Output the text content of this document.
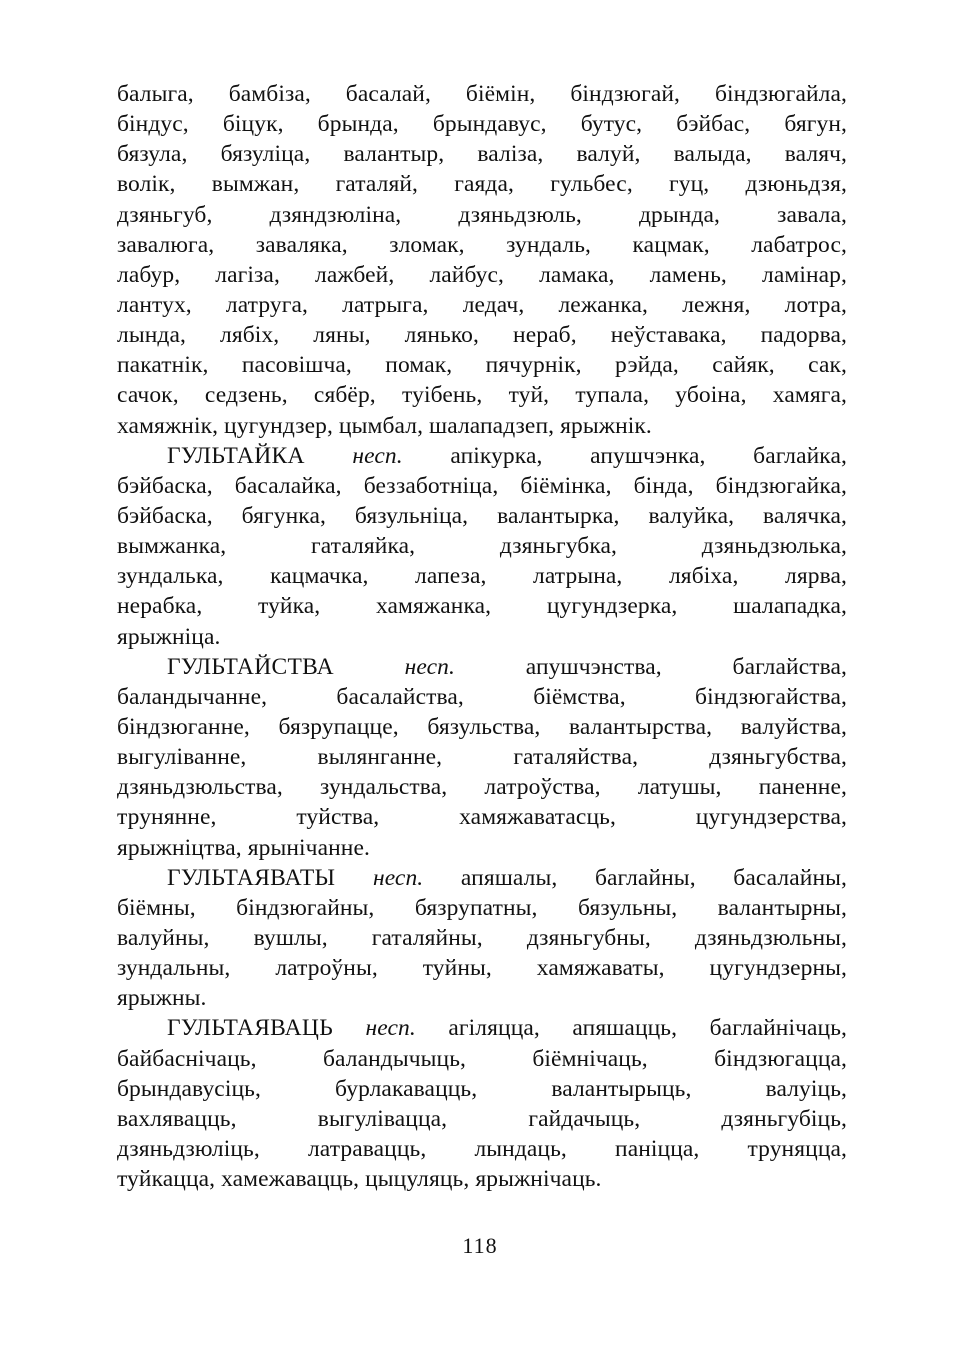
балыга, бамбіза, басалай, біёмін, біндзюгай, біндзюгайла,
біндус, біцук, брында, брындавус, бутус, бэйбас, бягун,
бязула, бязуліца, валантыр, валіза, валуй, валыда, валяч,
волік, вымжан, гаталяй, гаяда, гульбес, гуц, дзюньдзя,
дзяньгуб, дзяндзюліна, дзяньдзюль, дрында, завала,
завалюга, заваляка, зломак, зундаль, кацмак, лабатрос,
лабур, лагіза, лажбей, лайбус, ламака, ламень, ламінар,
лантух, латруга, латрыга, ледач, лежанка, лежня, лотра,
лында, лябіх, ляны, лянько, нераб, неўставака, падорва,
пакатнік, пасовішча, помак, пячурнік, рэйда, сайяк, сак,
сачок, седзень, сябёр, туібень, туй, тупала, убоіна, хамяга,
хамяжнік, цугундзер, цымбал, шалападзеп, ярыжнік.
ГУЛЬТАЙКА несп. апікурка, апушчэнка, баглайка,
бэйбаска, басалайка, беззаботніца, біёмінка, бінда, біндзюгайка,
бэйбаска, бягунка, бязульніца, валантырка, валуйка, валячка,
вымжанка, гаталяйка, дзяньгубка, дзяньдзюлька,
зундалька, кацмачка, лапеза, латрына, лябіха, лярва,
нерабка, туйка, хамяжанка, цугундзерка, шалападка,
ярыжніца.
ГУЛЬТАЙСТВА	несп.	апушчэнства, баглайства,
баландычанне, басалайства, біёмства, біндзюгайства,
біндзюганне, бязрупацце, бязульства, валантырства, валуйства,
выгуліванне, вылянганне, гаталяйства, дзяньгубства,
дзяньдзюльства, зундальства, латроўства, латушы, паненне,
трунянне, туйства, хамяжаватасць, цугундзерства,
ярыжніцтва, ярынічанне.
ГУЛЬТАЯВАТЫ несп. апяшалы, баглайны, басалайны,
біёмны, біндзюгайны, бязрупатны, бязульны, валантырны,
валуйны, вушлы, гаталяйны, дзяньгубны, дзяньдзюльны,
зундальны, латроўны, туйны, хамяжаваты, цугундзерны,
ярыжны.
ГУЛЬТАЯВАЦЬ несп. агіляцца, апяшацць, баглайнічаць,
байбаснічаць, баландычыць, біёмнічаць, біндзюгацца,
брындавусіць, бурлакавацць, валантырыць, валуіць,
вахлявацць, выгулівацца, гайдачыць, дзяньгубіць,
дзяньдзюліць, латравацць, лындаць, паніцца, труняцца,
туйкацца, хамежавацць, цыцуляць, ярыжнічаць.
118
